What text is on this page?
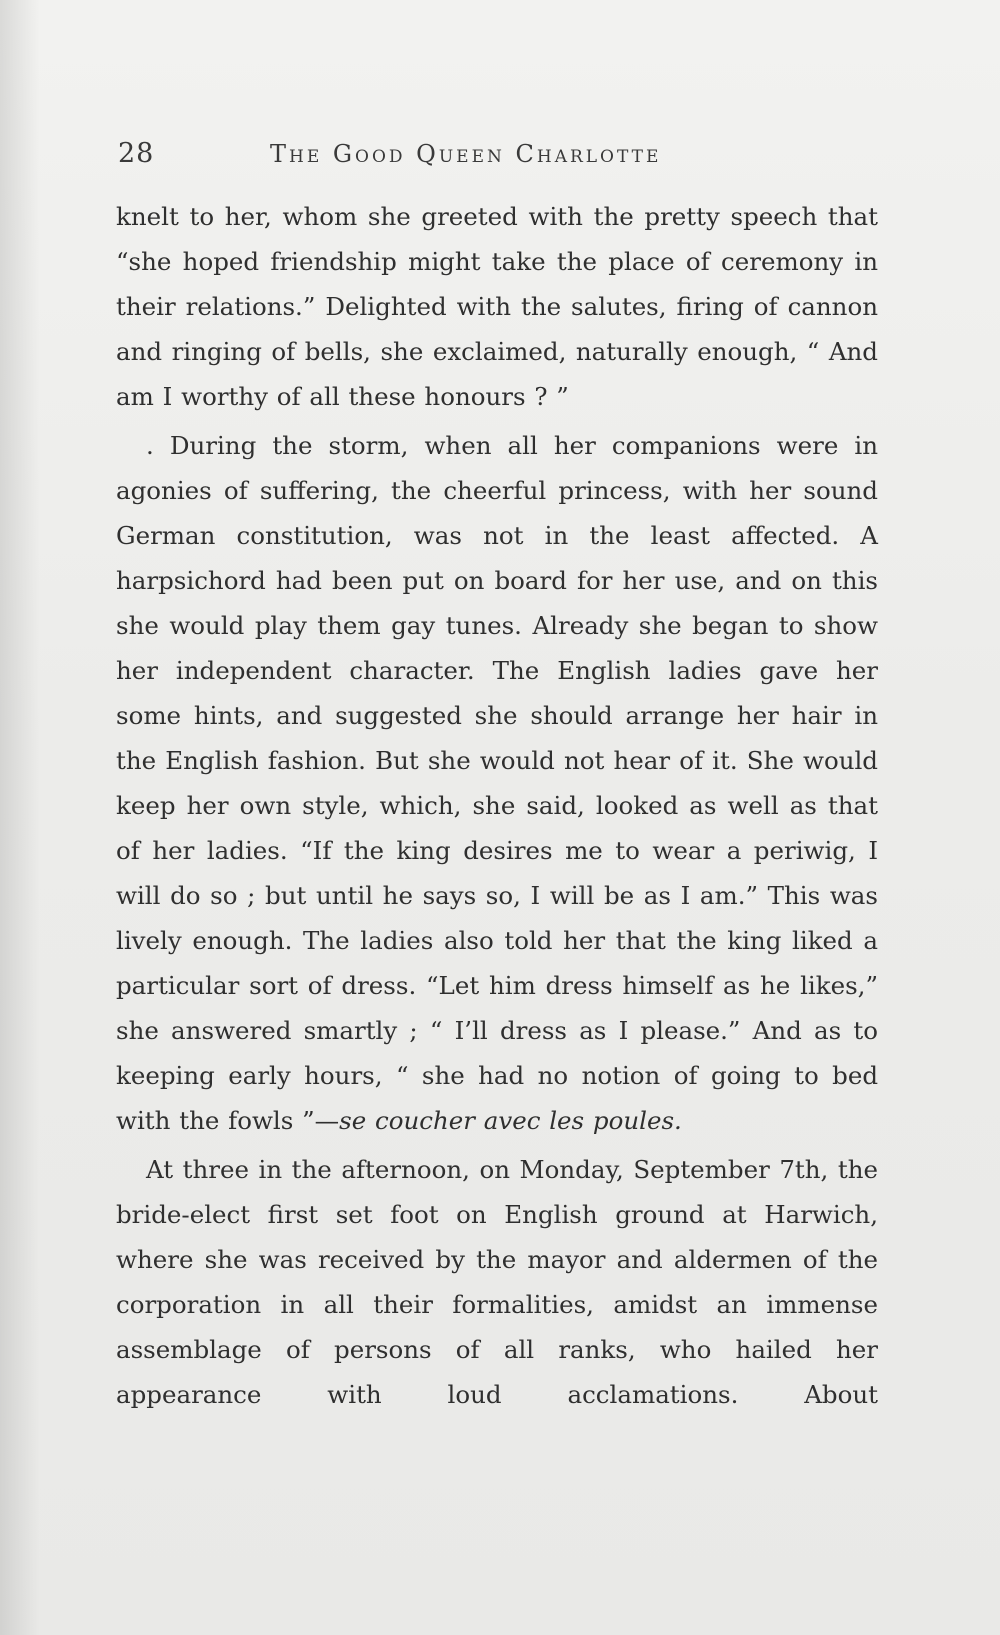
28	The Good Queen Charlotte

knelt to her, whom she greeted with the pretty speech that “she hoped friendship might take the place of ceremony in their relations.” Delighted with the salutes, firing of cannon and ringing of bells, she exclaimed, naturally enough, “ And am I worthy of all these honours ? ”

. During the storm, when all her companions were in agonies of suffering, the cheerful princess, with her sound German constitution, was not in the least affected. A harpsichord had been put on board for her use, and on this she would play them gay tunes. Already she began to show her independent character. The English ladies gave her some hints, and suggested she should arrange her hair in the English fashion. But she would not hear of it. She would keep her own style, which, she said, looked as well as that of her ladies. “If the king desires me to wear a periwig, I will do so ; but until he says so, I will be as I am.” This was lively enough. The ladies also told her that the king liked a particular sort of dress. “Let him dress himself as he likes,” she answered smartly ; “ I’ll dress as I please.” And as to keeping early hours, “ she had no notion of going to bed with the fowls ”—se coucher avec les poules.

At three in the afternoon, on Monday, September 7th, the bride-elect first set foot on English ground at Harwich, where she was received by the mayor and aldermen of the corporation in all their formalities, amidst an immense assemblage of persons of all ranks, who hailed her appearance with loud acclamations. About
